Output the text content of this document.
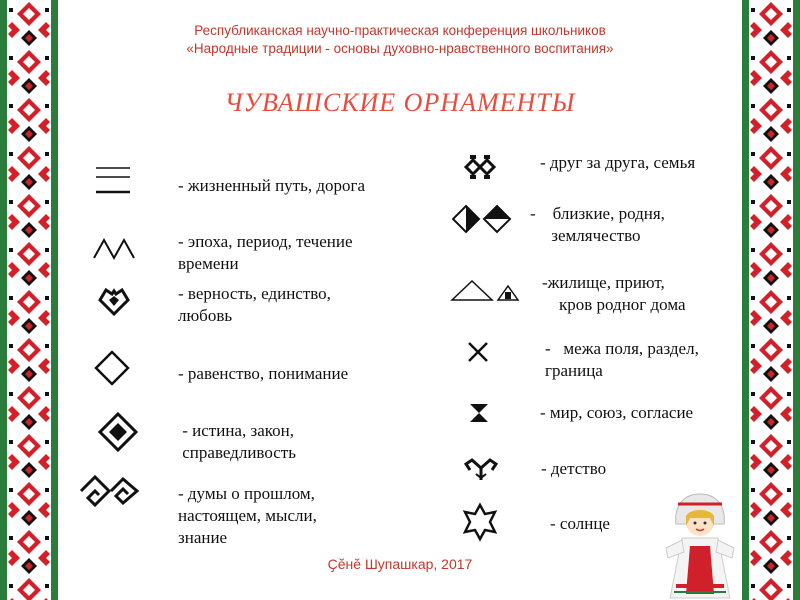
Республиканская научно-практическая конференция школьников
«Народные традиции - основы духовно-нравственного воспитания»
ЧУВАШСКИЕ ОРНАМЕНТЫ
- жизненный путь, дорога
- эпоха, период, течение
времени
- верность, единство,
любовь
- равенство, понимание
- истина, закон,
справедливость
- думы о прошлом,
настоящем, мысли,
знание
- друг за друга, семья
-    близкие, родня,
землячество
-жилище, приют,
кров родног дома
-   межа поля, раздел,
граница
- мир, союз, согласие
- детство
- солнце
Ҫӗнӗ Шупашкар, 2017
